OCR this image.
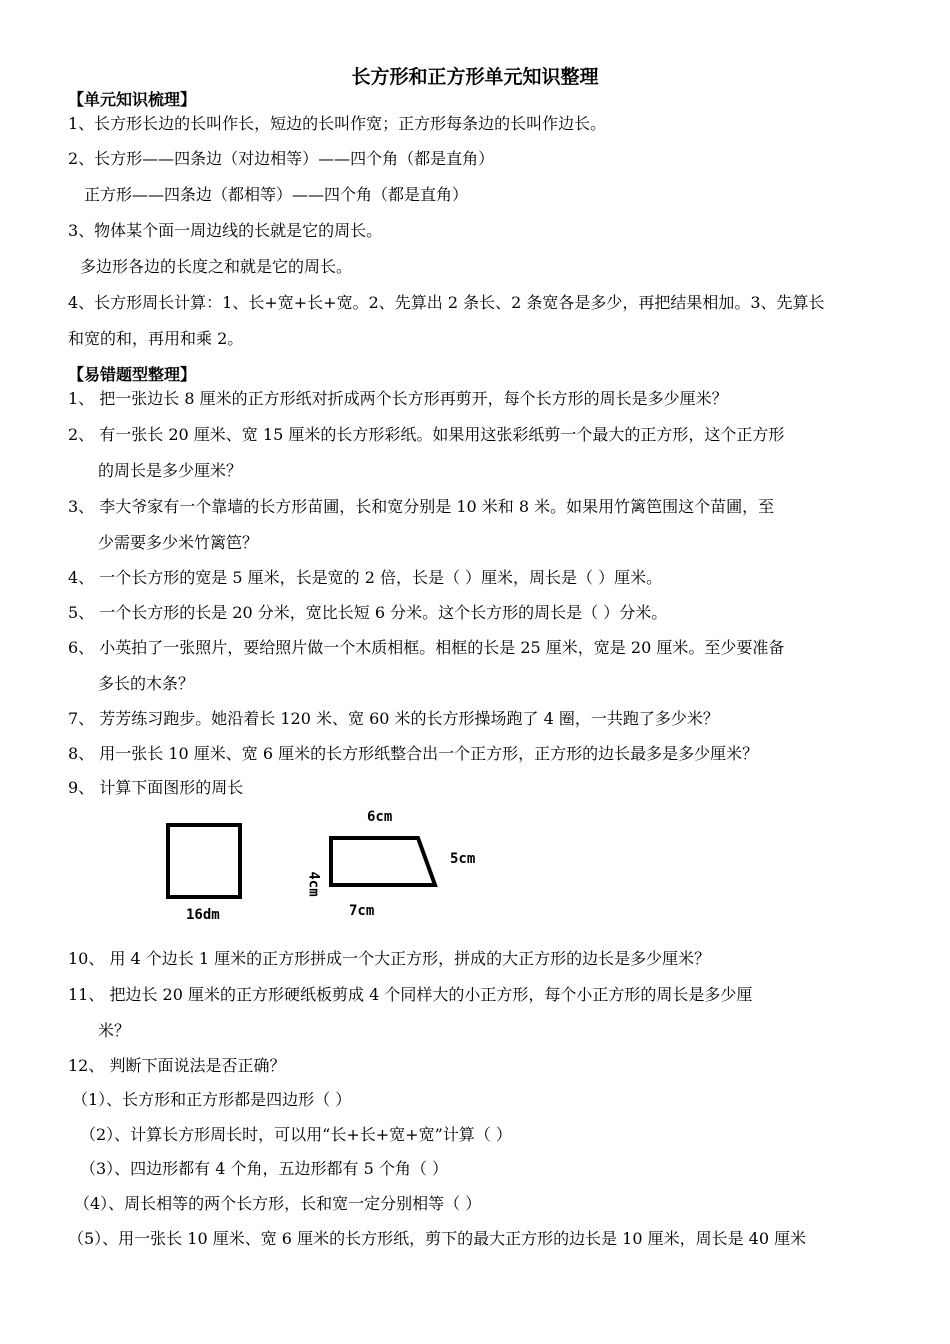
长方形和正方形单元知识整理
【单元知识梳理】
1、长方形长边的长叫作长，短边的长叫作宽；正方形每条边的长叫作边长。
2、长方形——四条边（对边相等）——四个角（都是直角）
正方形——四条边（都相等）——四个角（都是直角）
3、物体某个面一周边线的长就是它的周长。
多边形各边的长度之和就是它的周长。
4、长方形周长计算：1、长+宽+长+宽。2、先算出 2 条长、2 条宽各是多少，再把结果相加。3、先算长
和宽的和，再用和乘 2。
【易错题型整理】
1、 把一张边长 8 厘米的正方形纸对折成两个长方形再剪开，每个长方形的周长是多少厘米？
2、 有一张长 20 厘米、宽 15 厘米的长方形彩纸。如果用这张彩纸剪一个最大的正方形，这个正方形
的周长是多少厘米？
3、 李大爷家有一个靠墙的长方形苗圃，长和宽分别是 10 米和 8 米。如果用竹篱笆围这个苗圃，至
少需要多少米竹篱笆？
4、 一个长方形的宽是 5 厘米，长是宽的 2 倍，长是（ ）厘米，周长是（ ）厘米。
5、 一个长方形的长是 20 分米，宽比长短 6 分米。这个长方形的周长是（ ）分米。
6、 小英拍了一张照片，要给照片做一个木质相框。相框的长是 25 厘米，宽是 20 厘米。至少要准备
多长的木条？
7、 芳芳练习跑步。她沿着长 120 米、宽 60 米的长方形操场跑了 4 圈，一共跑了多少米？
8、 用一张长 10 厘米、宽 6 厘米的长方形纸整合出一个正方形，正方形的边长最多是多少厘米？
9、 计算下面图形的周长
16dm
6cm
5cm
4cm
7cm
10、 用 4 个边长 1 厘米的正方形拼成一个大正方形，拼成的大正方形的边长是多少厘米？
11、 把边长 20 厘米的正方形硬纸板剪成 4 个同样大的小正方形，每个小正方形的周长是多少厘
米？
12、 判断下面说法是否正确？
（1）、长方形和正方形都是四边形（ ）
（2）、计算长方形周长时，可以用“长+长+宽+宽”计算（ ）
（3）、四边形都有 4 个角，五边形都有 5 个角（ ）
（4）、周长相等的两个长方形，长和宽一定分别相等（ ）
（5）、用一张长 10 厘米、宽 6 厘米的长方形纸，剪下的最大正方形的边长是 10 厘米，周长是 40 厘米
